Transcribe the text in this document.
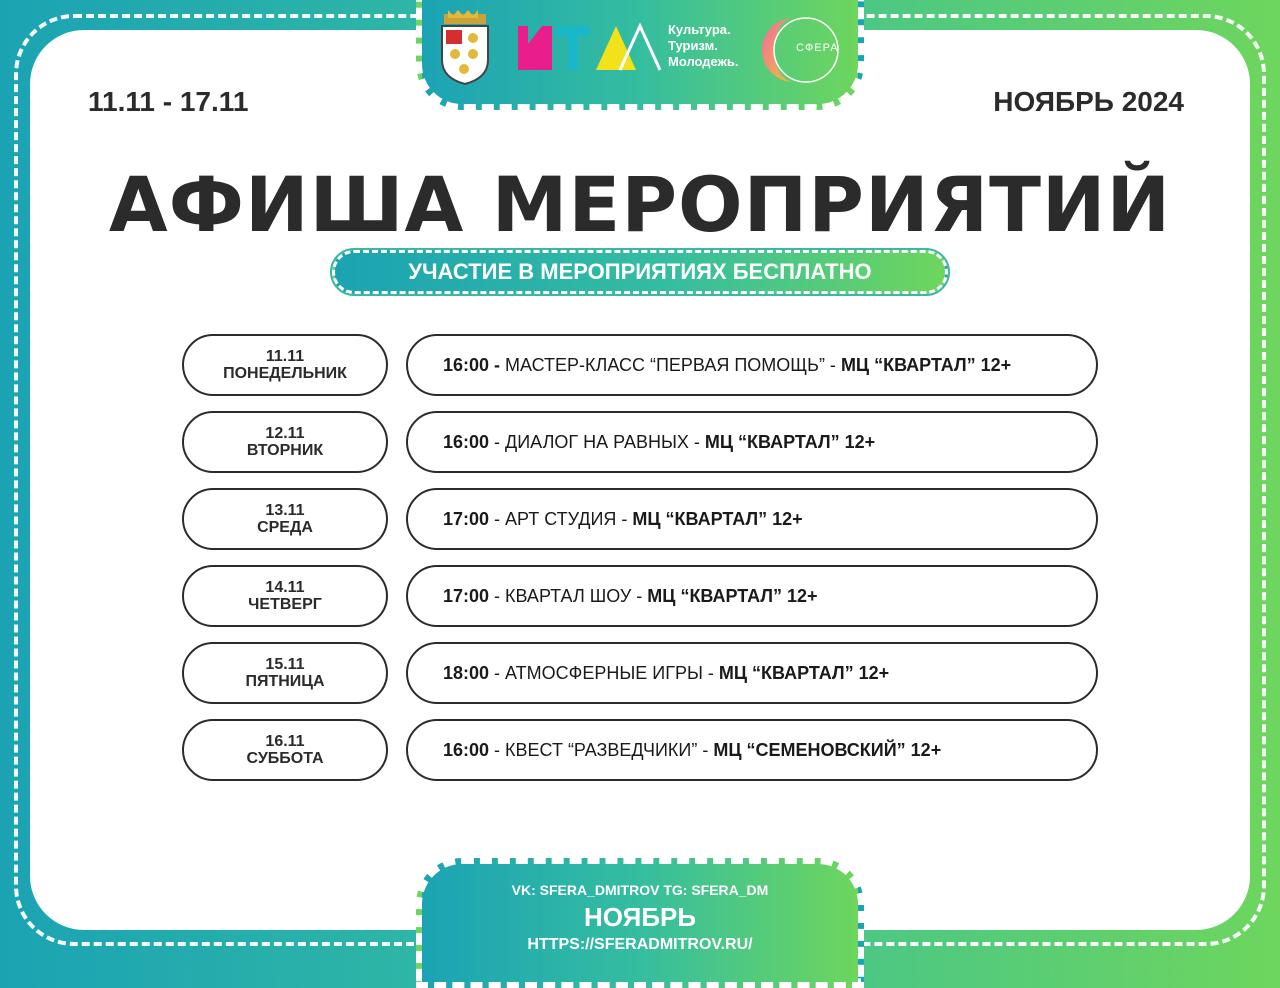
Культура.
Туризм.
Молодежь.
СФЕРА
11.11 - 17.11	НОЯБРЬ 2024
АФИША МЕРОПРИЯТИЙ
УЧАСТИЕ В МЕРОПРИЯТИЯХ БЕСПЛАТНО
11.11
ПОНЕДЕЛЬНИК	16:00 - МАСТЕР-КЛАСС “ПЕРВАЯ ПОМОЩЬ” - МЦ “КВАРТАЛ” 12+
12.11
ВТОРНИК	16:00 - ДИАЛОГ НА РАВНЫХ - МЦ “КВАРТАЛ” 12+
13.11
СРЕДА	17:00 - АРТ СТУДИЯ - МЦ “КВАРТАЛ” 12+
14.11
ЧЕТВЕРГ	17:00 - КВАРТАЛ ШОУ - МЦ “КВАРТАЛ” 12+
15.11
ПЯТНИЦА	18:00 - АТМОСФЕРНЫЕ ИГРЫ - МЦ “КВАРТАЛ” 12+
16.11
СУББОТА	16:00 - КВЕСТ “РАЗВЕДЧИКИ” - МЦ “СЕМЕНОВСКИЙ” 12+
VK: SFERA_DMITROV TG: SFERA_DM
НОЯБРЬ
HTTPS://SFERADMITROV.RU/
